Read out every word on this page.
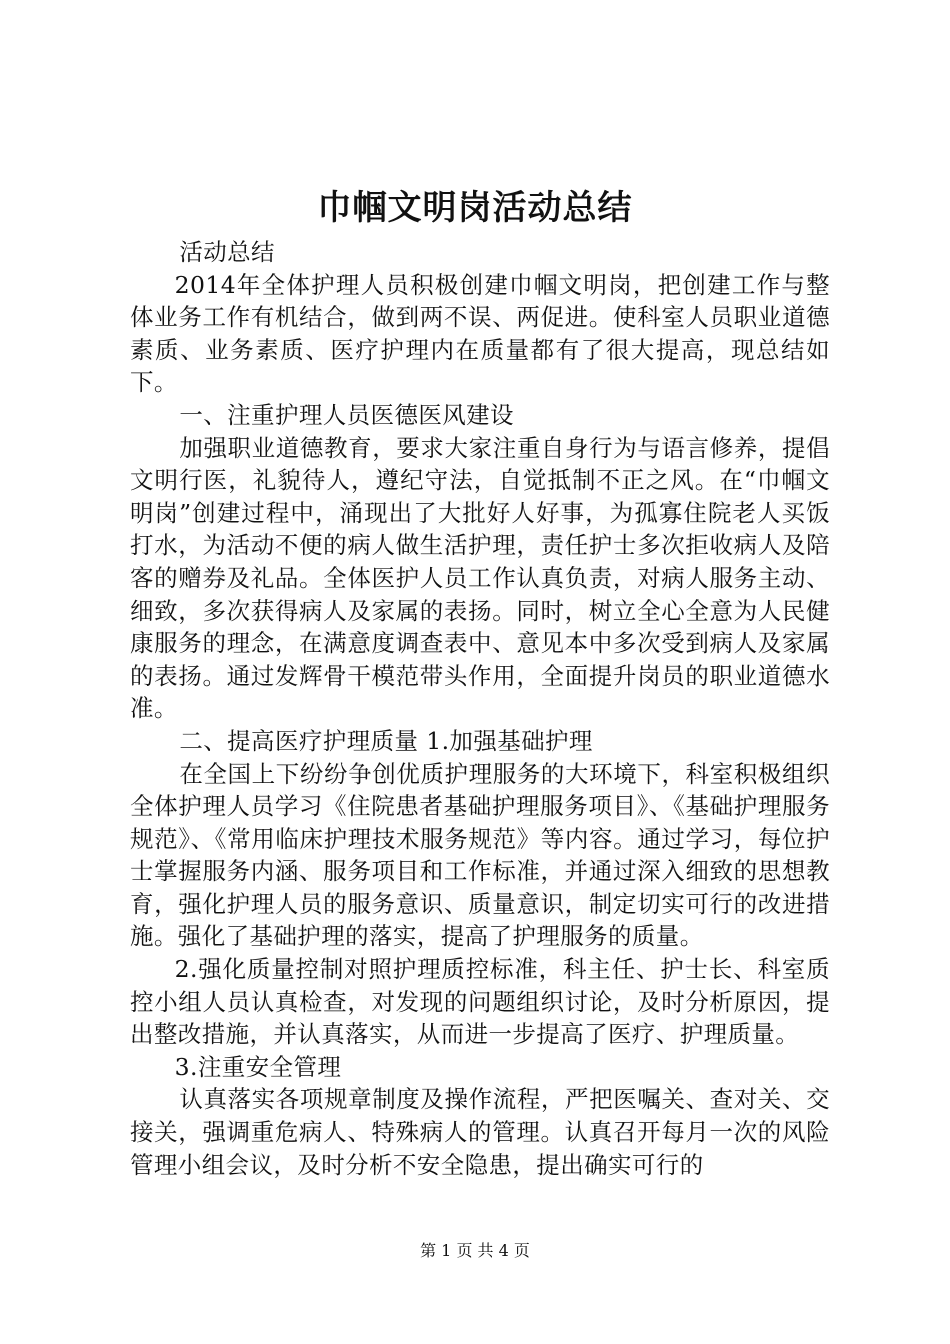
巾帼文明岗活动总结

活动总结

2014年全体护理人员积极创建巾帼文明岗，把创建工作与整体业务工作有机结合，做到两不误、两促进。使科室人员职业道德素质、业务素质、医疗护理内在质量都有了很大提高，现总结如下。

一、注重护理人员医德医风建设

加强职业道德教育，要求大家注重自身行为与语言修养，提倡文明行医，礼貌待人，遵纪守法，自觉抵制不正之风。在“巾帼文明岗”创建过程中，涌现出了大批好人好事，为孤寡住院老人买饭打水，为活动不便的病人做生活护理，责任护士多次拒收病人及陪客的赠券及礼品。全体医护人员工作认真负责，对病人服务主动、细致，多次获得病人及家属的表扬。同时，树立全心全意为人民健康服务的理念，在满意度调查表中、意见本中多次受到病人及家属的表扬。通过发辉骨干模范带头作用，全面提升岗员的职业道德水准。

二、提高医疗护理质量 1.加强基础护理

在全国上下纷纷争创优质护理服务的大环境下，科室积极组织全体护理人员学习《住院患者基础护理服务项目》、《基础护理服务规范》、《常用临床护理技术服务规范》等内容。通过学习，每位护士掌握服务内涵、服务项目和工作标准，并通过深入细致的思想教育，强化护理人员的服务意识、质量意识，制定切实可行的改进措施。强化了基础护理的落实，提高了护理服务的质量。

2.强化质量控制对照护理质控标准，科主任、护士长、科室质控小组人员认真检查，对发现的问题组织讨论，及时分析原因，提出整改措施，并认真落实，从而进一步提高了医疗、护理质量。

3.注重安全管理

认真落实各项规章制度及操作流程，严把医嘱关、查对关、交接关，强调重危病人、特殊病人的管理。认真召开每月一次的风险管理小组会议，及时分析不安全隐患，提出确实可行的

第 1 页 共 4 页
